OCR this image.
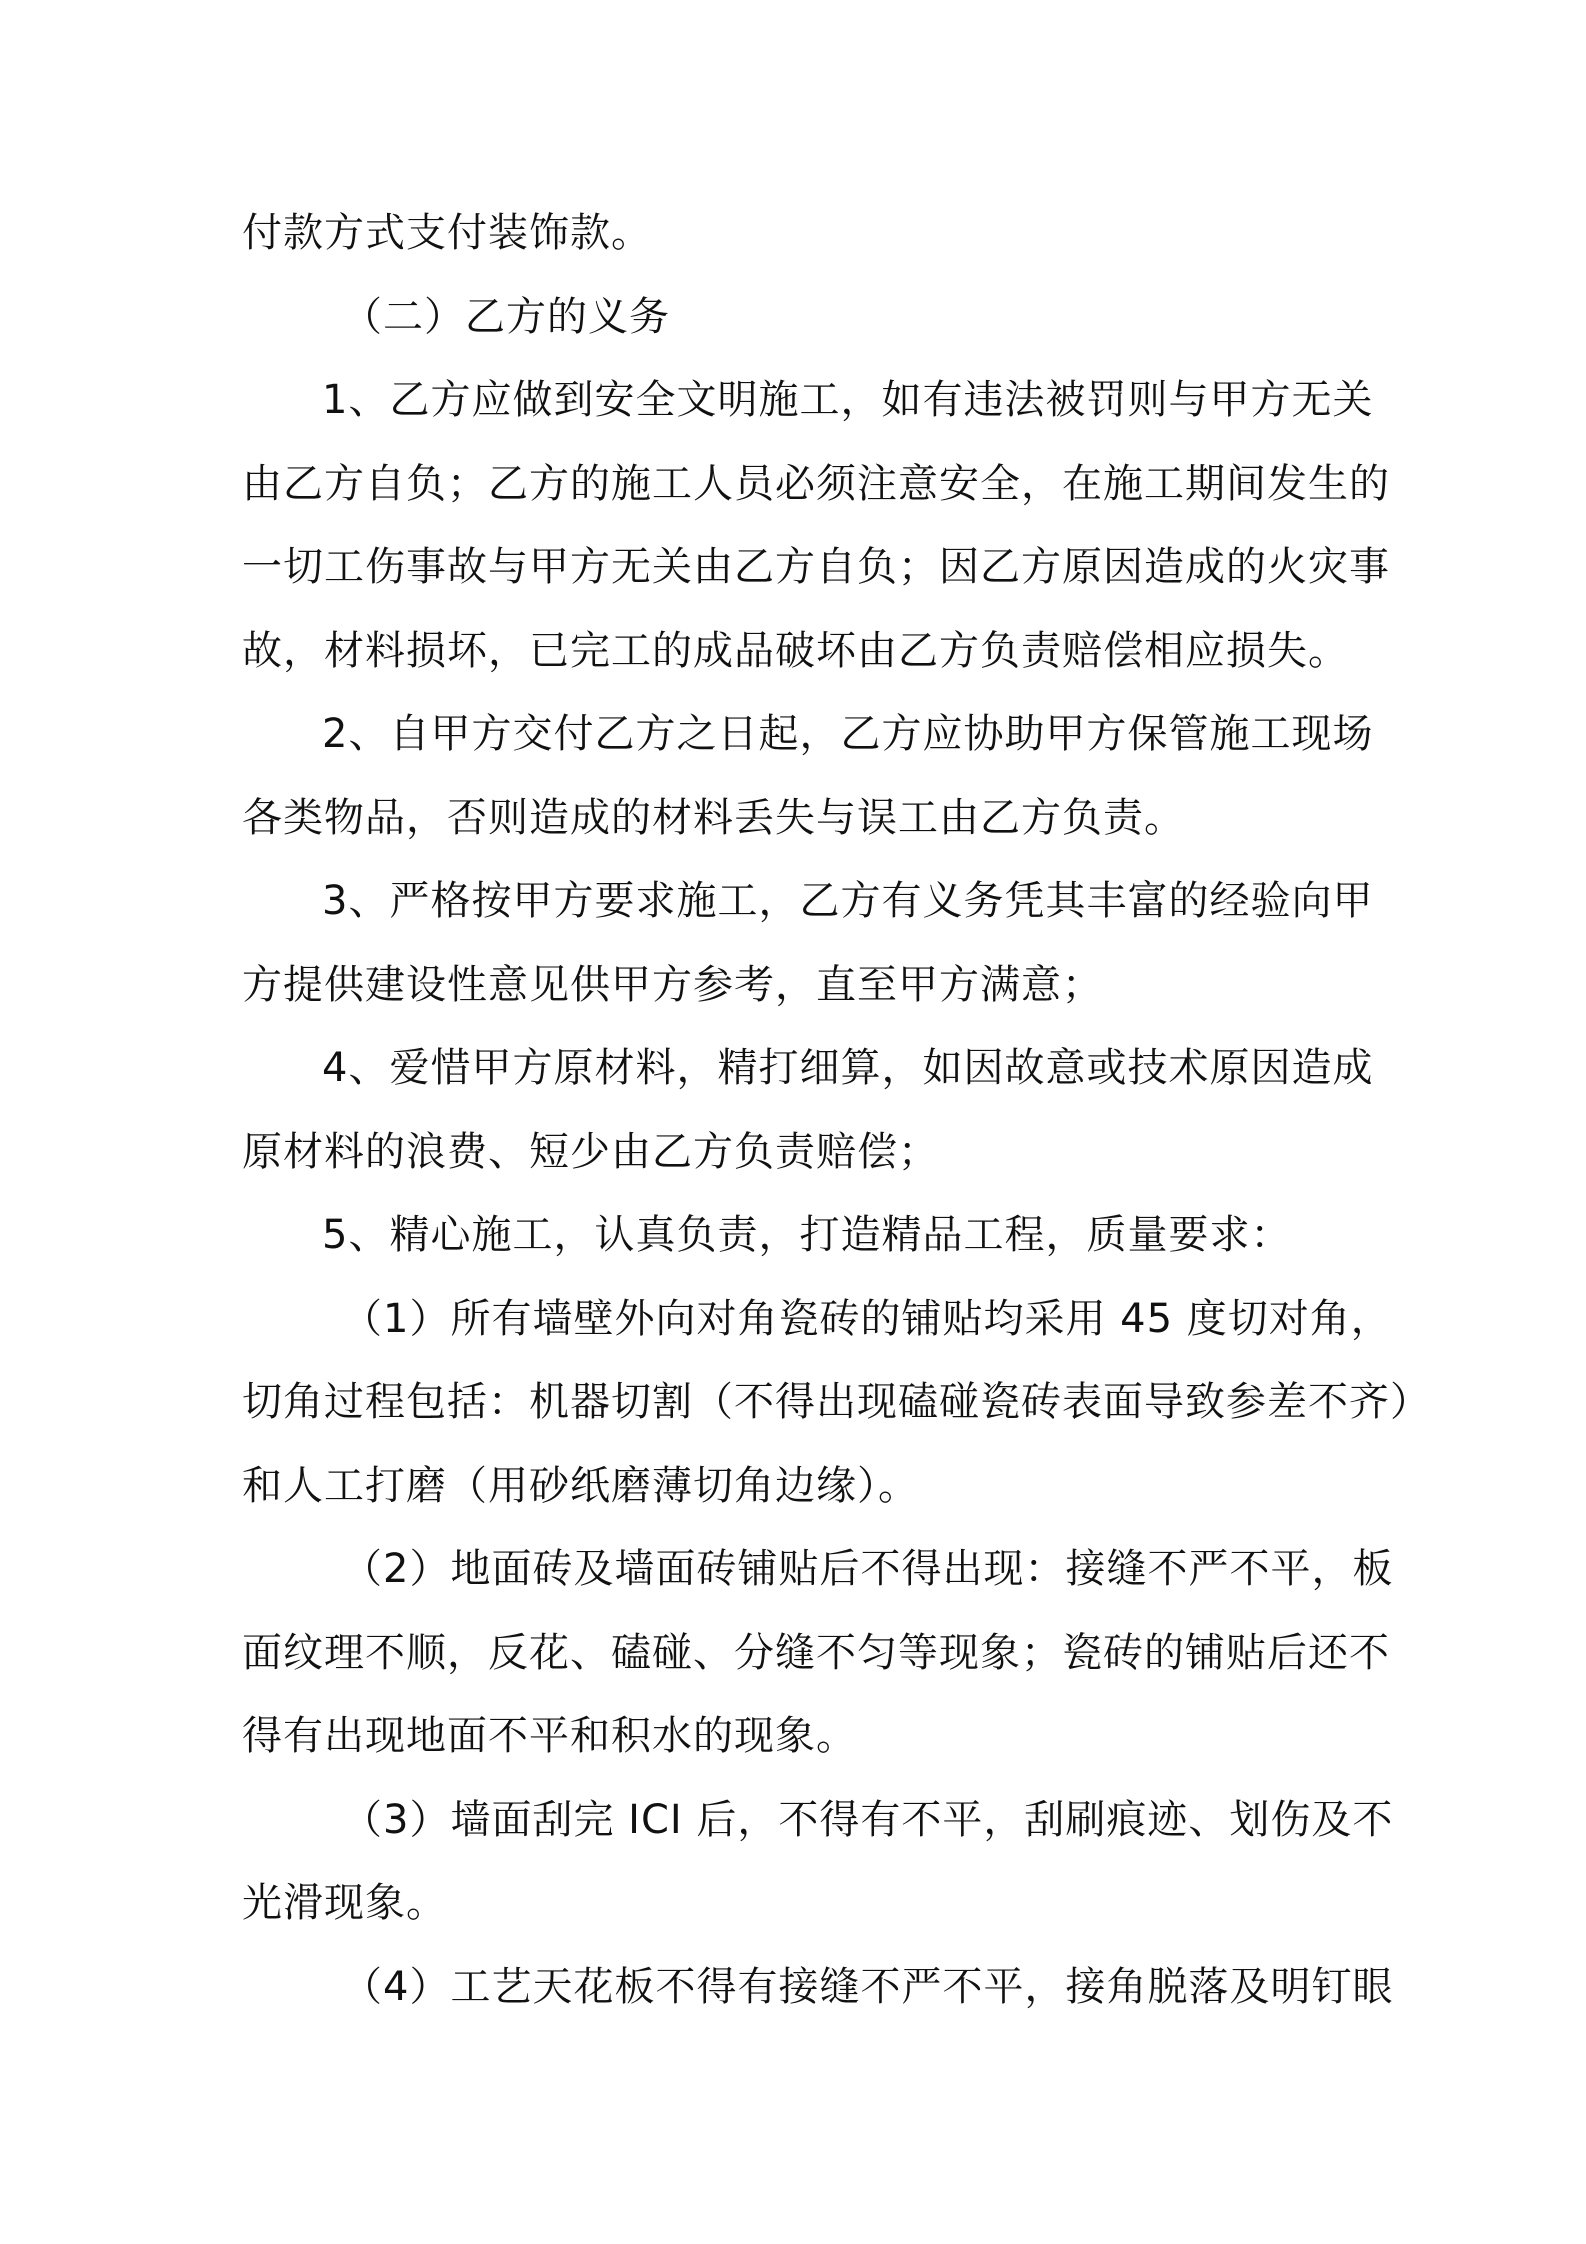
付款方式支付装饰款。
（二）乙方的义务
1、乙方应做到安全文明施工，如有违法被罚则与甲方无关
由乙方自负；乙方的施工人员必须注意安全，在施工期间发生的
一切工伤事故与甲方无关由乙方自负；因乙方原因造成的火灾事
故，材料损坏，已完工的成品破坏由乙方负责赔偿相应损失。
2、自甲方交付乙方之日起，乙方应协助甲方保管施工现场
各类物品，否则造成的材料丢失与误工由乙方负责。
3、严格按甲方要求施工，乙方有义务凭其丰富的经验向甲
方提供建设性意见供甲方参考，直至甲方满意；
4、爱惜甲方原材料，精打细算，如因故意或技术原因造成
原材料的浪费、短少由乙方负责赔偿；
5、精心施工，认真负责，打造精品工程，质量要求：
（1）所有墙壁外向对角瓷砖的铺贴均采用 45 度切对角，
切角过程包括：机器切割（不得出现磕碰瓷砖表面导致参差不齐）
和人工打磨（用砂纸磨薄切角边缘）。
（2）地面砖及墙面砖铺贴后不得出现：接缝不严不平，板
面纹理不顺，反花、磕碰、分缝不匀等现象；瓷砖的铺贴后还不
得有出现地面不平和积水的现象。
（3）墙面刮完 ICI 后，不得有不平，刮刷痕迹、划伤及不
光滑现象。
（4）工艺天花板不得有接缝不严不平，接角脱落及明钉眼
